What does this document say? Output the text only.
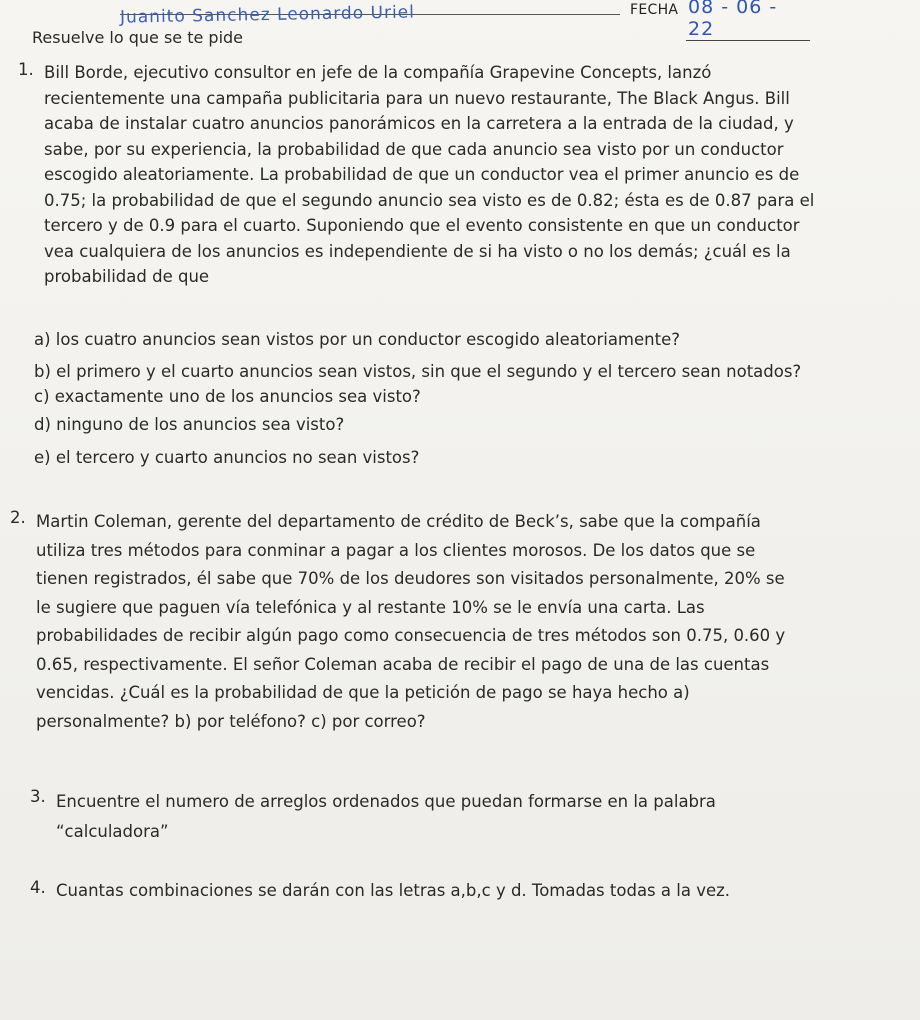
Juanito Sanchez Leonardo Uriel	FECHA 08 - 06 - 22
Resuelve lo que se te pide
1. Bill Borde, ejecutivo consultor en jefe de la compañía Grapevine Concepts, lanzó
recientemente una campaña publicitaria para un nuevo restaurante, The Black Angus. Bill
acaba de instalar cuatro anuncios panorámicos en la carretera a la entrada de la ciudad, y
sabe, por su experiencia, la probabilidad de que cada anuncio sea visto por un conductor
escogido aleatoriamente. La probabilidad de que un conductor vea el primer anuncio es de
0.75; la probabilidad de que el segundo anuncio sea visto es de 0.82; ésta es de 0.87 para el
tercero y de 0.9 para el cuarto. Suponiendo que el evento consistente en que un conductor
vea cualquiera de los anuncios es independiente de si ha visto o no los demás; ¿cuál es la
probabilidad de que
a) los cuatro anuncios sean vistos por un conductor escogido aleatoriamente?
b) el primero y el cuarto anuncios sean vistos, sin que el segundo y el tercero sean notados?
c) exactamente uno de los anuncios sea visto?
d) ninguno de los anuncios sea visto?
e) el tercero y cuarto anuncios no sean vistos?
2. Martin Coleman, gerente del departamento de crédito de Beck’s, sabe que la compañía
utiliza tres métodos para conminar a pagar a los clientes morosos. De los datos que se
tienen registrados, él sabe que 70% de los deudores son visitados personalmente, 20% se
le sugiere que paguen vía telefónica y al restante 10% se le envía una carta. Las
probabilidades de recibir algún pago como consecuencia de tres métodos son 0.75, 0.60 y
0.65, respectivamente. El señor Coleman acaba de recibir el pago de una de las cuentas
vencidas. ¿Cuál es la probabilidad de que la petición de pago se haya hecho a)
personalmente? b) por teléfono? c) por correo?
3. Encuentre el numero de arreglos ordenados que puedan formarse en la palabra
“calculadora”
4. Cuantas combinaciones se darán con las letras a,b,c y d. Tomadas todas a la vez.
